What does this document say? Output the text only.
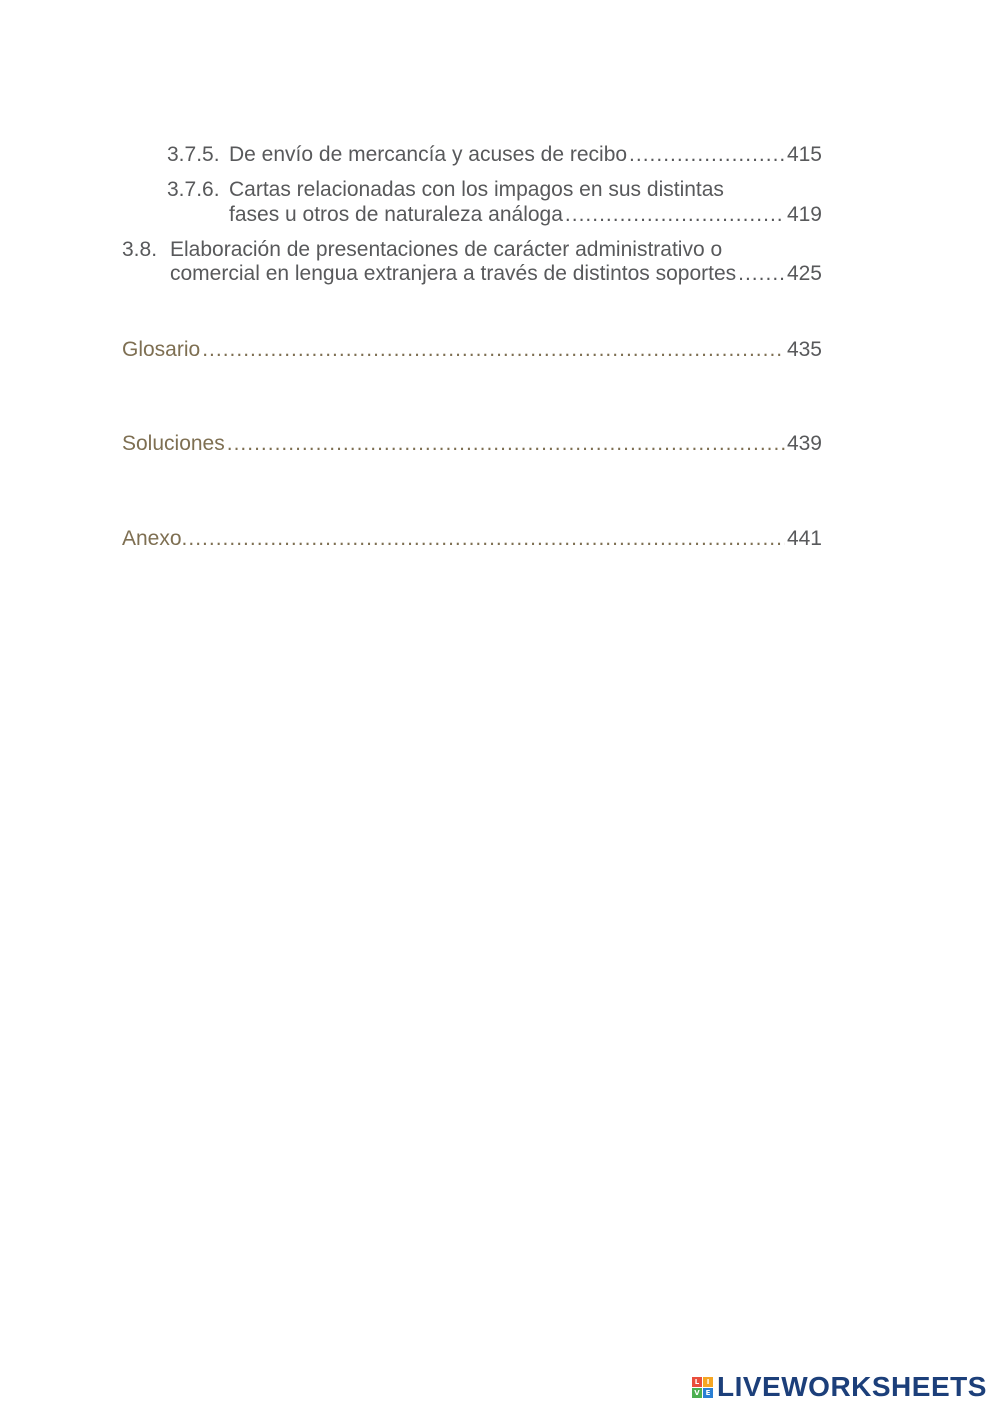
3.7.5. De envío de mercancía y acuses de recibo .....	415
3.7.6. Cartas relacionadas con los impagos en sus distintas
fases u otros de naturaleza análoga .....	419
3.8. Elaboración de presentaciones de carácter administrativo o
comercial en lengua extranjera a través de distintos soportes ..... 425
Glosario .....	435
Soluciones .....	439
Anexo .....	441
L	I
V E LIVEWORKSHEETS
